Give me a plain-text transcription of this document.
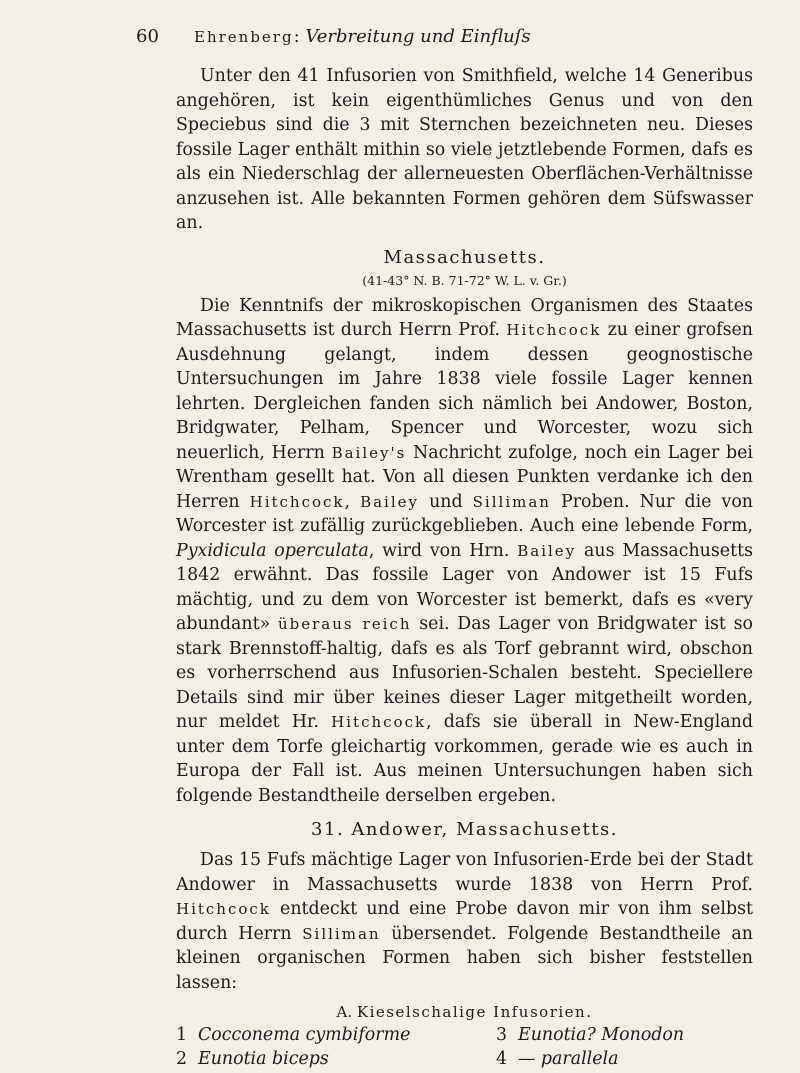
60 Ehrenberg: Verbreitung und Einfluſs

Unter den 41 Infusorien von Smithfield, welche 14 Generibus angehören, ist kein eigenthümliches Genus und von den Speciebus sind die 3 mit Sternchen bezeichneten neu. Dieses fossile Lager enthält mithin so viele jetztlebende Formen, dafs es als ein Niederschlag der allerneuesten Oberflächen-Verhältnisse anzusehen ist. Alle bekannten Formen gehören dem Süfswasser an.

Massachusetts.
(41-43° N. B. 71-72° W. L. v. Gr.)

Die Kenntnifs der mikroskopischen Organismen des Staates Massachusetts ist durch Herrn Prof. Hitchcock zu einer grofsen Ausdehnung gelangt, indem dessen geognostische Untersuchungen im Jahre 1838 viele fossile Lager kennen lehrten. Dergleichen fanden sich nämlich bei Andower, Boston, Bridgwater, Pelham, Spencer und Worcester, wozu sich neuerlich, Herrn Bailey's Nachricht zufolge, noch ein Lager bei Wrentham gesellt hat. Von all diesen Punkten verdanke ich den Herren Hitchcock, Bailey und Silliman Proben. Nur die von Worcester ist zufällig zurückgeblieben. Auch eine lebende Form, Pyxidicula operculata, wird von Hrn. Bailey aus Massachusetts 1842 erwähnt. Das fossile Lager von Andower ist 15 Fufs mächtig, und zu dem von Worcester ist bemerkt, dafs es «very abundant» überaus reich sei. Das Lager von Bridgwater ist so stark Brennstoff-haltig, dafs es als Torf gebrannt wird, obschon es vorherrschend aus Infusorien-Schalen besteht. Speciellere Details sind mir über keines dieser Lager mitgetheilt worden, nur meldet Hr. Hitchcock, dafs sie überall in New-England unter dem Torfe gleichartig vorkommen, gerade wie es auch in Europa der Fall ist. Aus meinen Untersuchungen haben sich folgende Bestandtheile derselben ergeben.

31. Andower, Massachusetts.

Das 15 Fufs mächtige Lager von Infusorien-Erde bei der Stadt Andower in Massachusetts wurde 1838 von Herrn Prof. Hitchcock entdeckt und eine Probe davon mir von ihm selbst durch Herrn Silliman übersendet. Folgende Bestandtheile an kleinen organischen Formen haben sich bisher feststellen lassen:

A. Kieselschalige Infusorien.
1 Cocconema cymbiforme
2 Eunotia biceps
3 Eunotia? Monodon
4 — parallela
